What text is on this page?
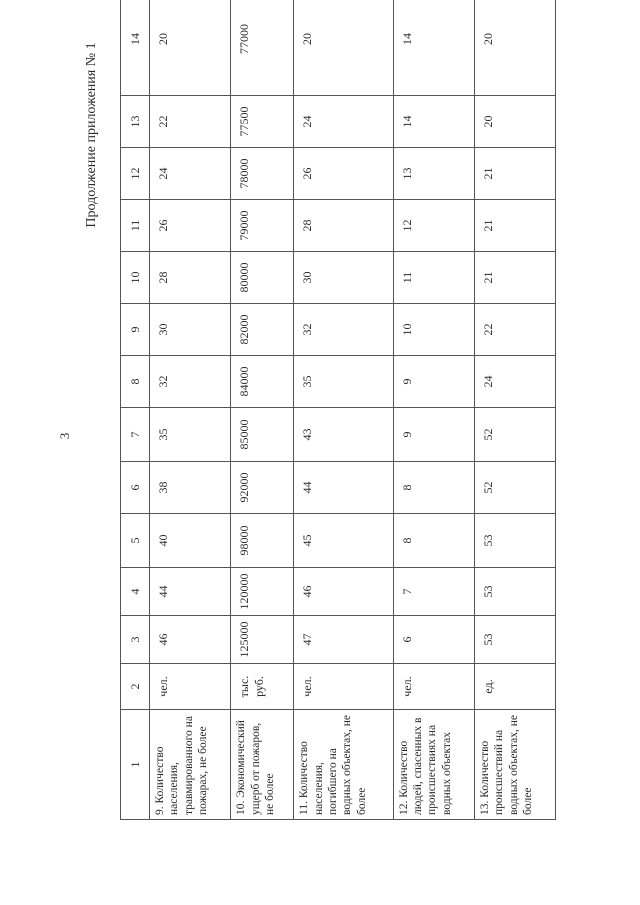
3
Продолжение приложения № 1
1	2	3	4	5	6	7	8	9	10	11	12	13	14
9. Количество населения, травмированного на пожарах, не более	чел.	46	44	40	38	35	32	30	28	26	24	22	20
10. Экономический ущерб от пожаров, не более	тыс. руб.	125000	120000	98000	92000	85000	84000	82000	80000	79000	78000	77500	77000
11. Количество населения, погибшего на водных объектах, не более	чел.	47	46	45	44	43	35	32	30	28	26	24	20
12. Количество людей, спасенных в происшествиях на водных объектах	чел.	6	7	8	8	9	9	10	11	12	13	14	14
13. Количество происшествий на водных объектах, не более	ед.	53	53	53	52	52	24	22	21	21	21	20	20
